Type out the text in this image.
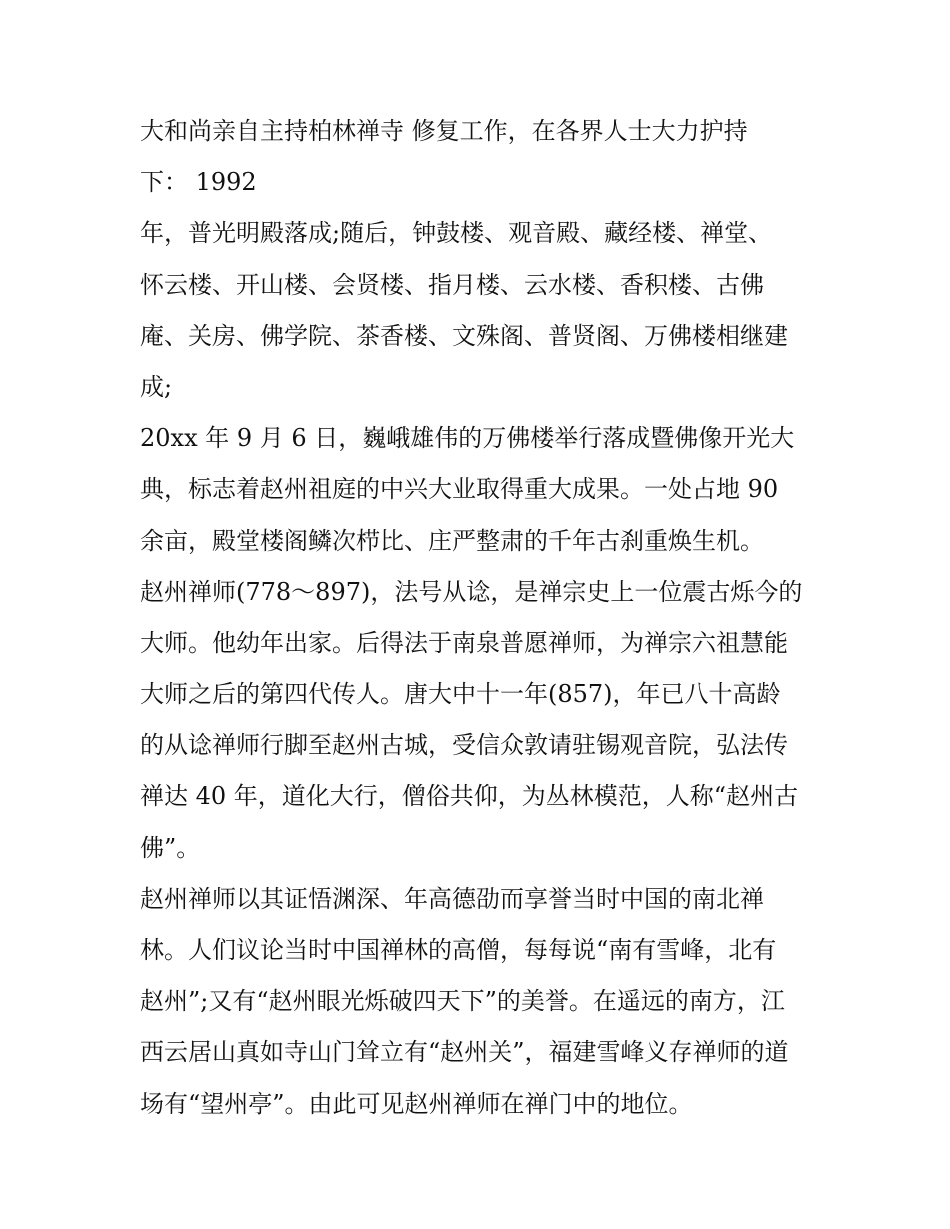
大和尚亲自主持柏林禅寺 修复工作，在各界人士大力护持
下： 1992
年，普光明殿落成;随后，钟鼓楼、观音殿、藏经楼、禅堂、
怀云楼、开山楼、会贤楼、指月楼、云水楼、香积楼、古佛
庵、关房、佛学院、茶香楼、文殊阁、普贤阁、万佛楼相继建
成;
20xx 年 9 月 6 日，巍峨雄伟的万佛楼举行落成暨佛像开光大
典，标志着赵州祖庭的中兴大业取得重大成果。一处占地 90
余亩，殿堂楼阁鳞次栉比、庄严整肃的千年古刹重焕生机。
赵州禅师(778～897)，法号从谂，是禅宗史上一位震古烁今的
大师。他幼年出家。后得法于南泉普愿禅师，为禅宗六祖慧能
大师之后的第四代传人。唐大中十一年(857)，年已八十高龄
的从谂禅师行脚至赵州古城，受信众敦请驻锡观音院，弘法传
禅达 40 年，道化大行，僧俗共仰，为丛林模范，人称“赵州古
佛”。
赵州禅师以其证悟渊深、年高德劭而享誉当时中国的南北禅
林。人们议论当时中国禅林的高僧，每每说“南有雪峰，北有
赵州”;又有“赵州眼光烁破四天下”的美誉。在遥远的南方，江
西云居山真如寺山门耸立有“赵州关”，福建雪峰义存禅师的道
场有“望州亭”。由此可见赵州禅师在禅门中的地位。
